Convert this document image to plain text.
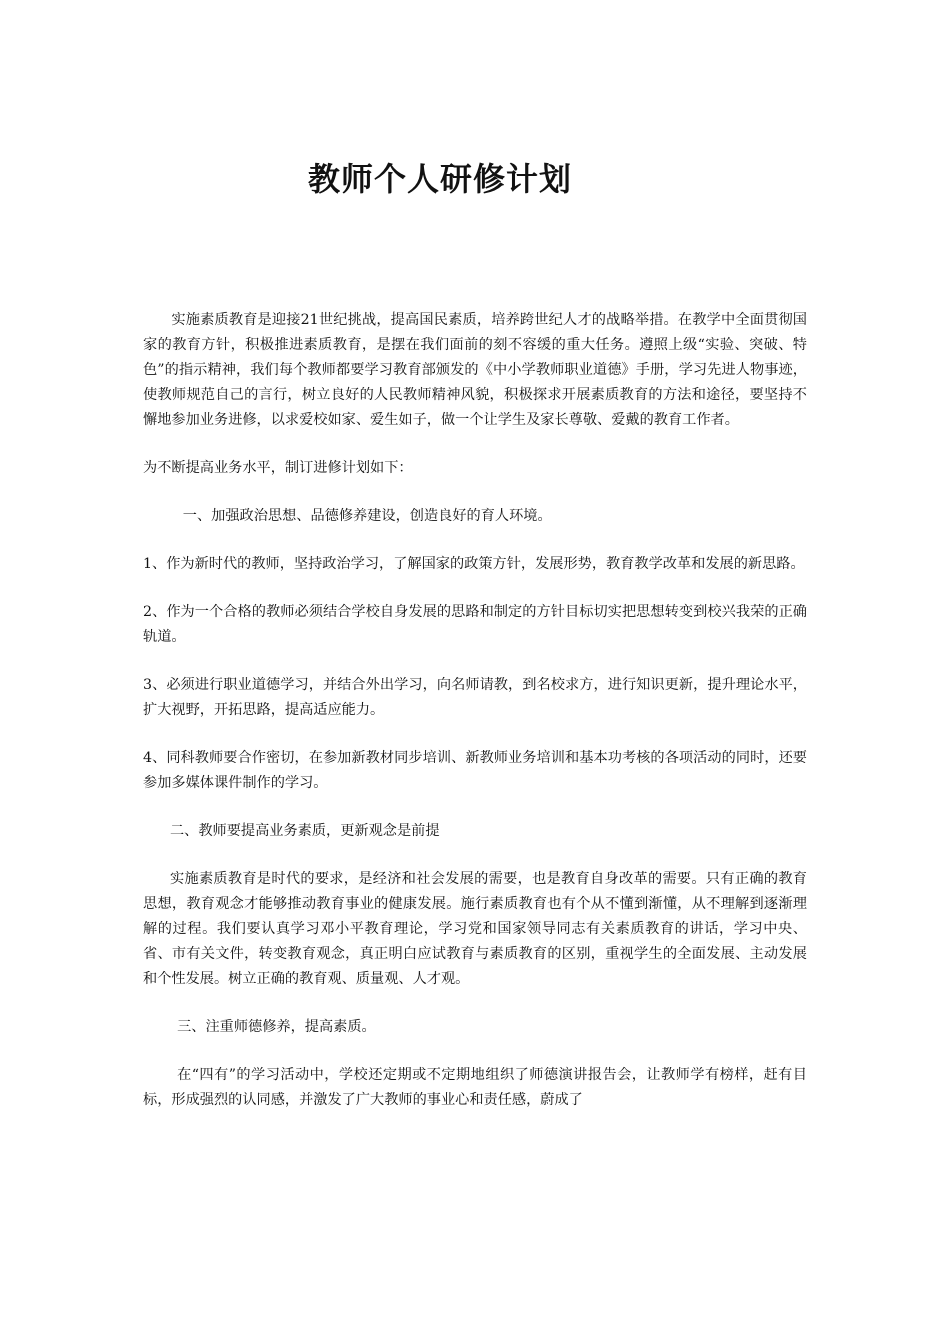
教师个人研修计划

实施素质教育是迎接21世纪挑战，提高国民素质，培养跨世纪人才的战略举措。在教学中全面贯彻国家的教育方针，积极推进素质教育，是摆在我们面前的刻不容缓的重大任务。遵照上级“实验、突破、特色”的指示精神，我们每个教师都要学习教育部颁发的《中小学教师职业道德》手册，学习先进人物事迹，使教师规范自己的言行，树立良好的人民教师精神风貌，积极探求开展素质教育的方法和途径，要坚持不懈地参加业务进修，以求爱校如家、爱生如子，做一个让学生及家长尊敬、爱戴的教育工作者。

为不断提高业务水平，制订进修计划如下：

一、加强政治思想、品德修养建设，创造良好的育人环境。

1、作为新时代的教师，坚持政治学习，了解国家的政策方针，发展形势，教育教学改革和发展的新思路。

2、作为一个合格的教师必须结合学校自身发展的思路和制定的方针目标切实把思想转变到校兴我荣的正确轨道。

3、必须进行职业道德学习，并结合外出学习，向名师请教，到名校求方，进行知识更新，提升理论水平，扩大视野，开拓思路，提高适应能力。

4、同科教师要合作密切，在参加新教材同步培训、新教师业务培训和基本功考核的各项活动的同时，还要参加多媒体课件制作的学习。

二、教师要提高业务素质，更新观念是前提

实施素质教育是时代的要求，是经济和社会发展的需要，也是教育自身改革的需要。只有正确的教育思想，教育观念才能够推动教育事业的健康发展。施行素质教育也有个从不懂到渐懂，从不理解到逐渐理解的过程。我们要认真学习邓小平教育理论，学习党和国家领导同志有关素质教育的讲话，学习中央、省、市有关文件，转变教育观念，真正明白应试教育与素质教育的区别，重视学生的全面发展、主动发展和个性发展。树立正确的教育观、质量观、人才观。

三、注重师德修养，提高素质。

在“四有”的学习活动中，学校还定期或不定期地组织了师德演讲报告会，让教师学有榜样，赶有目标，形成强烈的认同感，并激发了广大教师的事业心和责任感，蔚成了
